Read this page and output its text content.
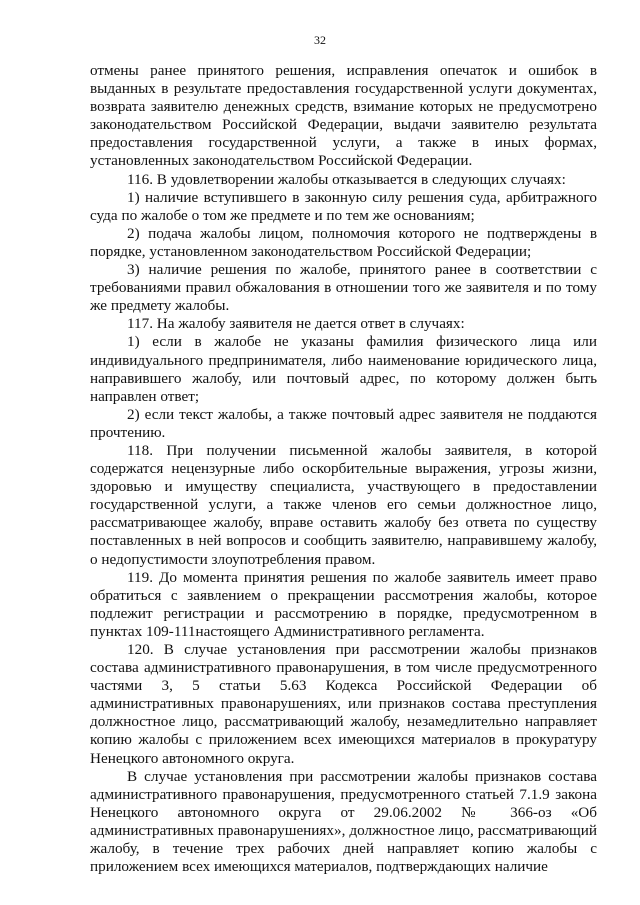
32

отмены ранее принятого решения, исправления опечаток и ошибок в выданных в результате предоставления государственной услуги документах, возврата заявителю денежных средств, взимание которых не предусмотрено законодательством Российской Федерации, выдачи заявителю результата предоставления государственной услуги, а также в иных формах, установленных законодательством Российской Федерации.

116. В удовлетворении жалобы отказывается в следующих случаях:

1) наличие вступившего в законную силу решения суда, арбитражного суда по жалобе о том же предмете и по тем же основаниям;

2) подача жалобы лицом, полномочия которого не подтверждены в порядке, установленном законодательством Российской Федерации;

3) наличие решения по жалобе, принятого ранее в соответствии с требованиями правил обжалования в отношении того же заявителя и по тому же предмету жалобы.

117. На жалобу заявителя не дается ответ в случаях:

1) если в жалобе не указаны фамилия физического лица или индивидуального предпринимателя, либо наименование юридического лица, направившего жалобу, или почтовый адрес, по которому должен быть направлен ответ;

2) если текст жалобы, а также почтовый адрес заявителя не поддаются прочтению.

118. При получении письменной жалобы заявителя, в которой содержатся нецензурные либо оскорбительные выражения, угрозы жизни, здоровью и имуществу специалиста, участвующего в предоставлении государственной услуги, а также членов его семьи должностное лицо, рассматривающее жалобу, вправе оставить жалобу без ответа по существу поставленных в ней вопросов и сообщить заявителю, направившему жалобу, о недопустимости злоупотребления правом.

119. До момента принятия решения по жалобе заявитель имеет право обратиться с заявлением о прекращении рассмотрения жалобы, которое подлежит регистрации и рассмотрению в порядке, предусмотренном в пунктах 109-111настоящего Административного регламента.

120. В случае установления при рассмотрении жалобы признаков состава административного правонарушения, в том числе предусмотренного частями 3, 5 статьи 5.63 Кодекса Российской Федерации об административных правонарушениях, или признаков состава преступления должностное лицо, рассматривающий жалобу, незамедлительно направляет копию жалобы с приложением всех имеющихся материалов в прокуратуру Ненецкого автономного округа.

В случае установления при рассмотрении жалобы признаков состава административного правонарушения, предусмотренного статьей 7.1.9 закона Ненецкого автономного округа от 29.06.2002 № 366-оз «Об административных правонарушениях», должностное лицо, рассматривающий жалобу, в течение трех рабочих дней направляет копию жалобы с приложением всех имеющихся материалов, подтверждающих наличие
